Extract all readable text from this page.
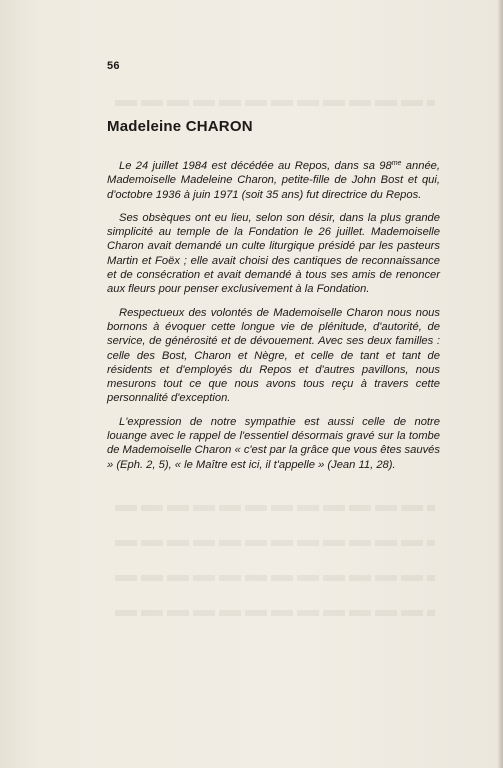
56
Madeleine CHARON

Le 24 juillet 1984 est décédée au Repos, dans sa $98^{me}$ année, Mademoiselle Madeleine Charon, petite-fille de John Bost et qui, d'octobre 1936 à juin 1971 (soit 35 ans) fut directrice du Repos.

Ses obsèques ont eu lieu, selon son désir, dans la plus grande simplicité au temple de la Fondation le 26 juillet. Mademoiselle Charon avait demandé un culte liturgique présidé par les pasteurs Martin et Foëx ; elle avait choisi des cantiques de reconnaissance et de consécration et avait demandé à tous ses amis de renoncer aux fleurs pour penser exclusivement à la Fondation.

Respectueux des volontés de Mademoiselle Charon nous nous bornons à évoquer cette longue vie de plénitude, d'autorité, de service, de générosité et de dévouement. Avec ses deux familles : celle des Bost, Charon et Nègre, et celle de tant et tant de résidents et d'employés du Repos et d'autres pavillons, nous mesurons tout ce que nous avons tous reçu à travers cette personnalité d'exception.

L'expression de notre sympathie est aussi celle de notre louange avec le rappel de l'essentiel désormais gravé sur la tombe de Mademoiselle Charon « c'est par la grâce que vous êtes sauvés » (Eph. 2, 5), « le Maître est ici, il t'appelle » (Jean 11, 28).
